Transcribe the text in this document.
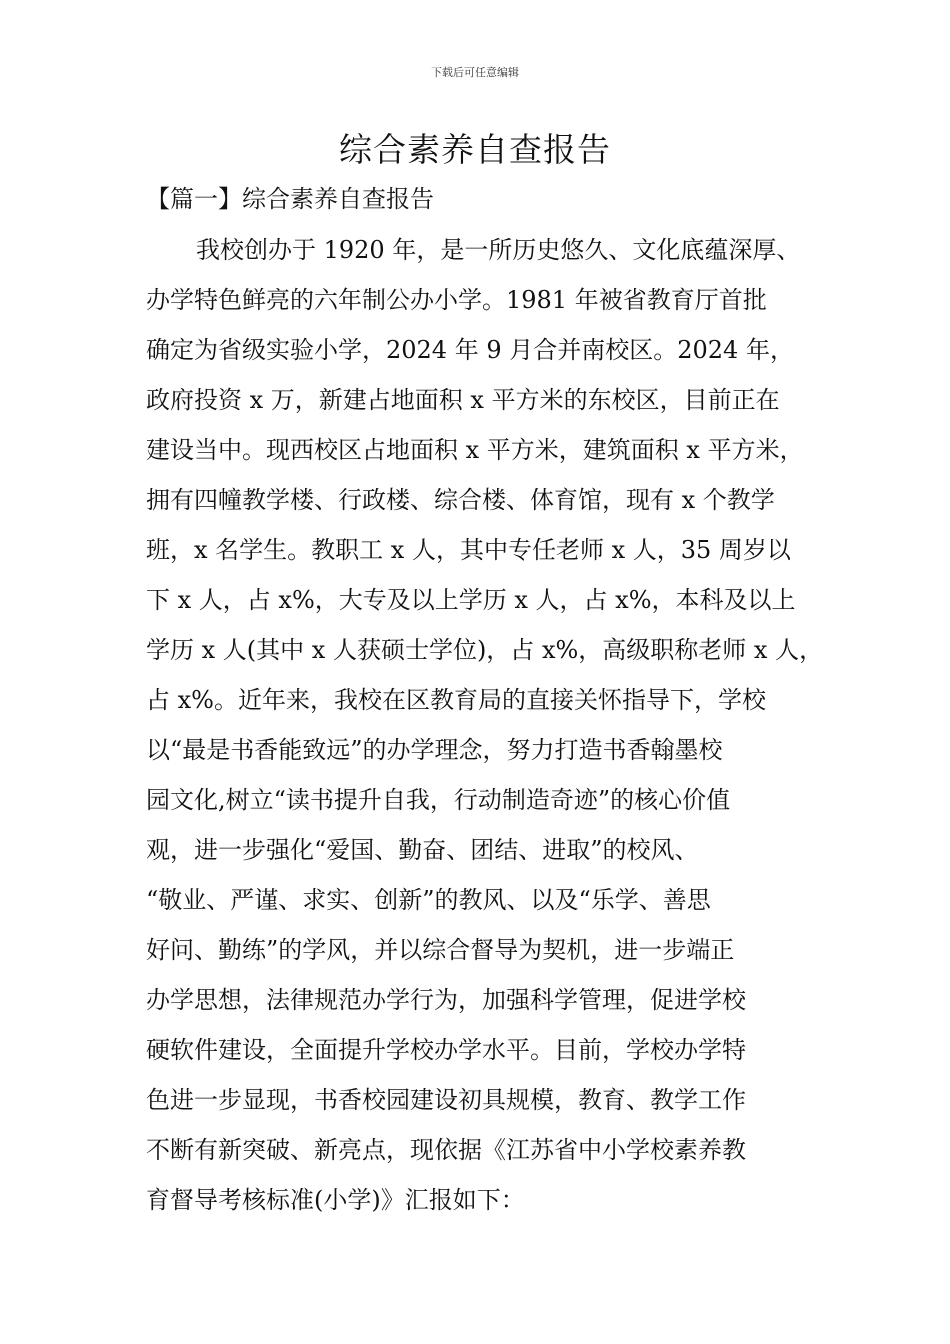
下载后可任意编辑
综合素养自查报告
【篇一】综合素养自查报告
我校创办于 1920 年，是一所历史悠久、文化底蕴深厚、
办学特色鲜亮的六年制公办小学。1981 年被省教育厅首批
确定为省级实验小学，2024 年 9 月合并南校区。2024 年，
政府投资 x 万，新建占地面积 x 平方米的东校区，目前正在
建设当中。现西校区占地面积 x 平方米，建筑面积 x 平方米，
拥有四幢教学楼、行政楼、综合楼、体育馆，现有 x 个教学
班，x 名学生。教职工 x 人，其中专任老师 x 人，35 周岁以
下 x 人，占 x%，大专及以上学历 x 人，占 x%，本科及以上
学历 x 人(其中 x 人获硕士学位)，占 x%，高级职称老师 x 人，
占 x%。近年来，我校在区教育局的直接关怀指导下，学校
以“最是书香能致远”的办学理念，努力打造书香翰墨校
园文化,树立“读书提升自我，行动制造奇迹”的核心价值
观，进一步强化“爱国、勤奋、团结、进取”的校风、
“敬业、严谨、求实、创新”的教风、以及“乐学、善思
好问、勤练”的学风，并以综合督导为契机，进一步端正
办学思想，法律规范办学行为，加强科学管理，促进学校
硬软件建设，全面提升学校办学水平。目前，学校办学特
色进一步显现，书香校园建设初具规模，教育、教学工作
不断有新突破、新亮点，现依据《江苏省中小学校素养教
育督导考核标准(小学)》汇报如下：
